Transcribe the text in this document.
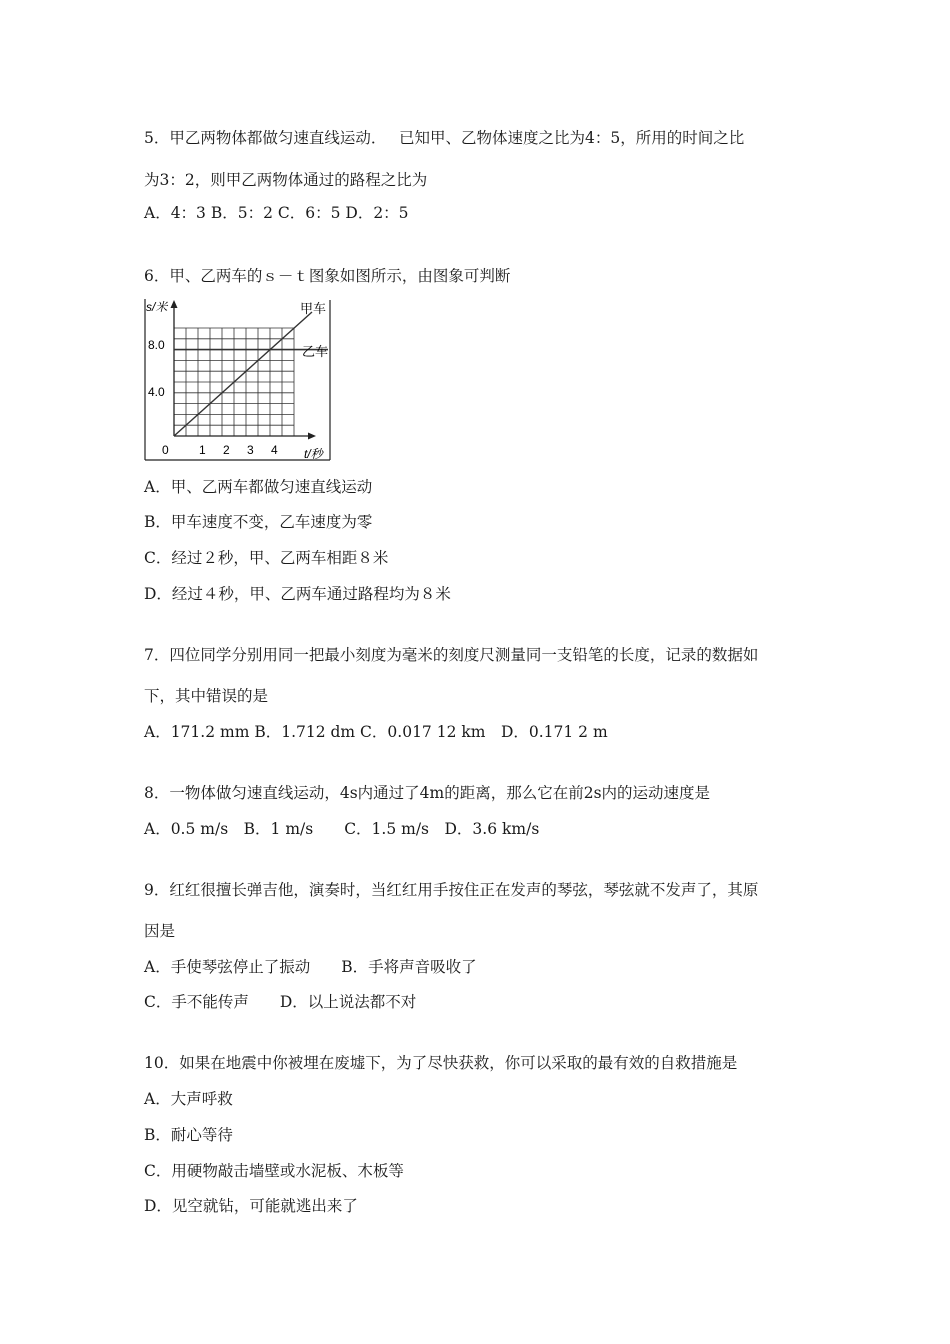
5．甲乙两物体都做匀速直线运动．　 已知甲、乙物体速度之比为4：5，所用的时间之比
为3：2，则甲乙两物体通过的路程之比为
A．4：3 B．5：2 C．6：5 D．2：5
6．甲、乙两车的ｓ－ｔ图象如图所示，由图象可判断
s/米
t/秒
8.0
4.0
0	1 2 3 4
甲车
乙车
A．甲、乙两车都做匀速直线运动
B．甲车速度不变，乙车速度为零
C．经过２秒，甲、乙两车相距８米
D．经过４秒，甲、乙两车通过路程均为８米
7．四位同学分别用同一把最小刻度为毫米的刻度尺测量同一支铅笔的长度，记录的数据如
下，其中错误的是
A．171.2 mm B．1.712 dm C．0.017 12 km　D．0.171 2 m
8．一物体做匀速直线运动，4s内通过了4m的距离，那么它在前2s内的运动速度是
A．0.5 m/s　B．1 m/s　　C．1.5 m/s　D．3.6 km/s
9．红红很擅长弹吉他，演奏时，当红红用手按住正在发声的琴弦，琴弦就不发声了，其原
因是
A．手使琴弦停止了振动　　B．手将声音吸收了
C．手不能传声　　D．以上说法都不对
10．如果在地震中你被埋在废墟下，为了尽快获救，你可以采取的最有效的自救措施是
A．大声呼救
B．耐心等待
C．用硬物敲击墙壁或水泥板、木板等
D．见空就钻，可能就逃出来了
